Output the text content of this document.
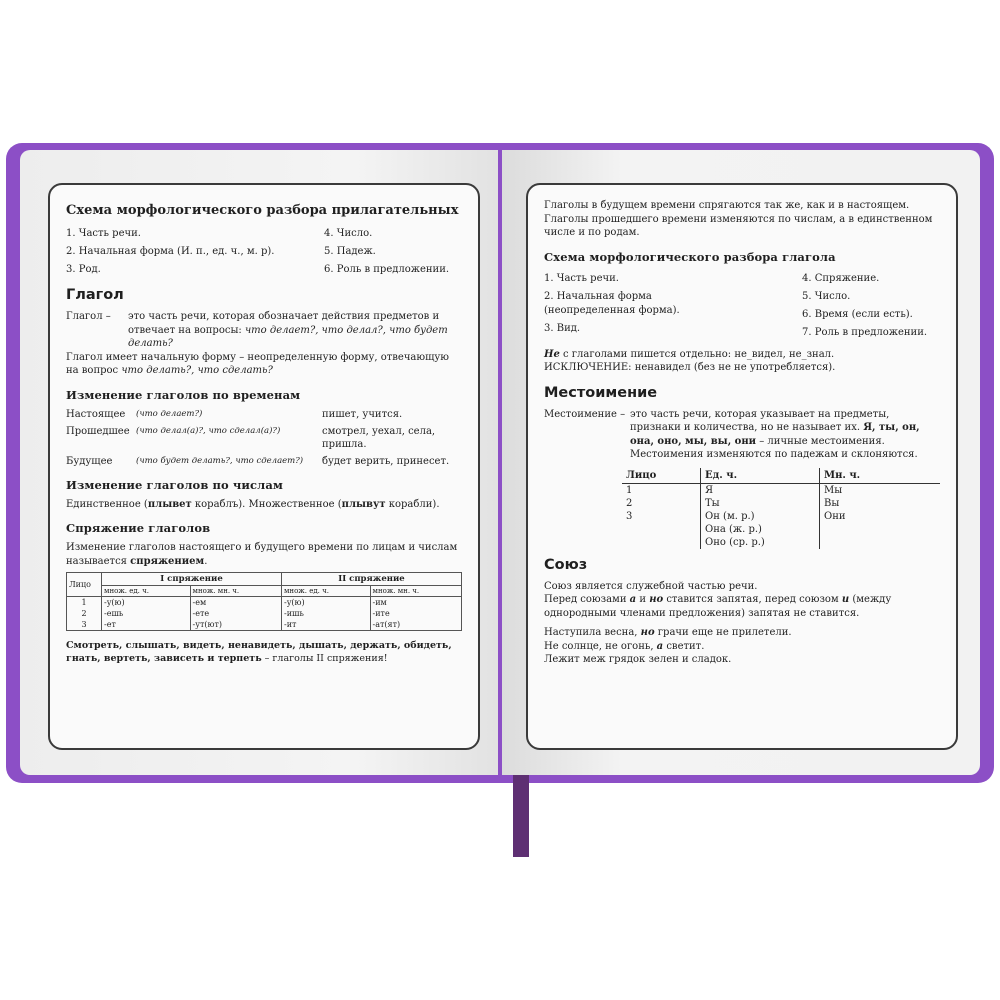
Схема морфологического разбора прилагательных
1. Часть речи.	4. Число.
2. Начальная форма (И. п., ед. ч., м. р).	5. Падеж.
3. Род.	6. Роль в предложении.
Глагол
Глагол –	это часть речи, которая обозначает действия предметов и отвечает на вопросы: что делает?, что делал?, что будет делать?
Глагол имеет начальную форму – неопределенную форму, отвечающую на вопрос что делать?, что сделать?
Изменение глаголов по временам
Настоящее	(что делает?)	пишет, учится.
Прошедшее (что делал(а)?, что сделал(а)?)	смотрел, уехал, села, пришла.
Будущее	(что будет делать?, что сделает?)	будет верить, принесет.
Изменение глаголов по числам
Единственное (плывет кораблъ). Множественное (плывут корабли).
Спряжение глаголов
Изменение глаголов настоящего и будущего времени по лицам и числам называется спряжением.
Лицо	I спряжение		II спряжение	
	множ. ед. ч.	множ. мн. ч.	множ. ед. ч.	множ. мн. ч.
1	-у(ю)	-ем	-у(ю)	-им
2	-ешь	-ете	-ишь	-ите
3	-ет	-ут(ют)	-ит	-ат(ят)
Смотреть, слышать, видеть, ненавидеть, дышать, держать, обидеть, гнать, вертеть, зависеть и терпеть – глаголы II спряжения!
Глаголы в будущем времени спрягаются так же, как и в настоящем. Глаголы прошедшего времени изменяются по числам, а в единственном числе и по родам.
Схема морфологического разбора глагола
1. Часть речи.
2. Начальная форма (неопределенная форма).
3. Вид.
4. Спряжение.
5. Число.
6. Время (если есть).
7. Роль в предложении.
Не с глаголами пишется отдельно: не_видел, не_знал.
ИСКЛЮЧЕНИЕ: ненавидел (без не не употребляется).
Местоимение
Местоимение – это часть речи, которая указывает на предметы, признаки и количества, но не называет их. Я, ты, он, она, оно, мы, вы, они – личные местоимения.
Местоимения изменяются по падежам и склоняются.
Лицо	Ед. ч.	Мн. ч.
1	Я	Мы
2	Ты	Вы
3	Он (м. р.)	Они
	Она (ж. р.)	
	Оно (ср. р.)	
Союз
Союз является служебной частью речи.
Перед союзами а и но ставится запятая, перед союзом и (между однородными членами предложения) запятая не ставится.
Наступила весна, но грачи еще не прилетели.
Не солнце, не огонь, а светит.
Лежит меж грядок зелен и сладок.
